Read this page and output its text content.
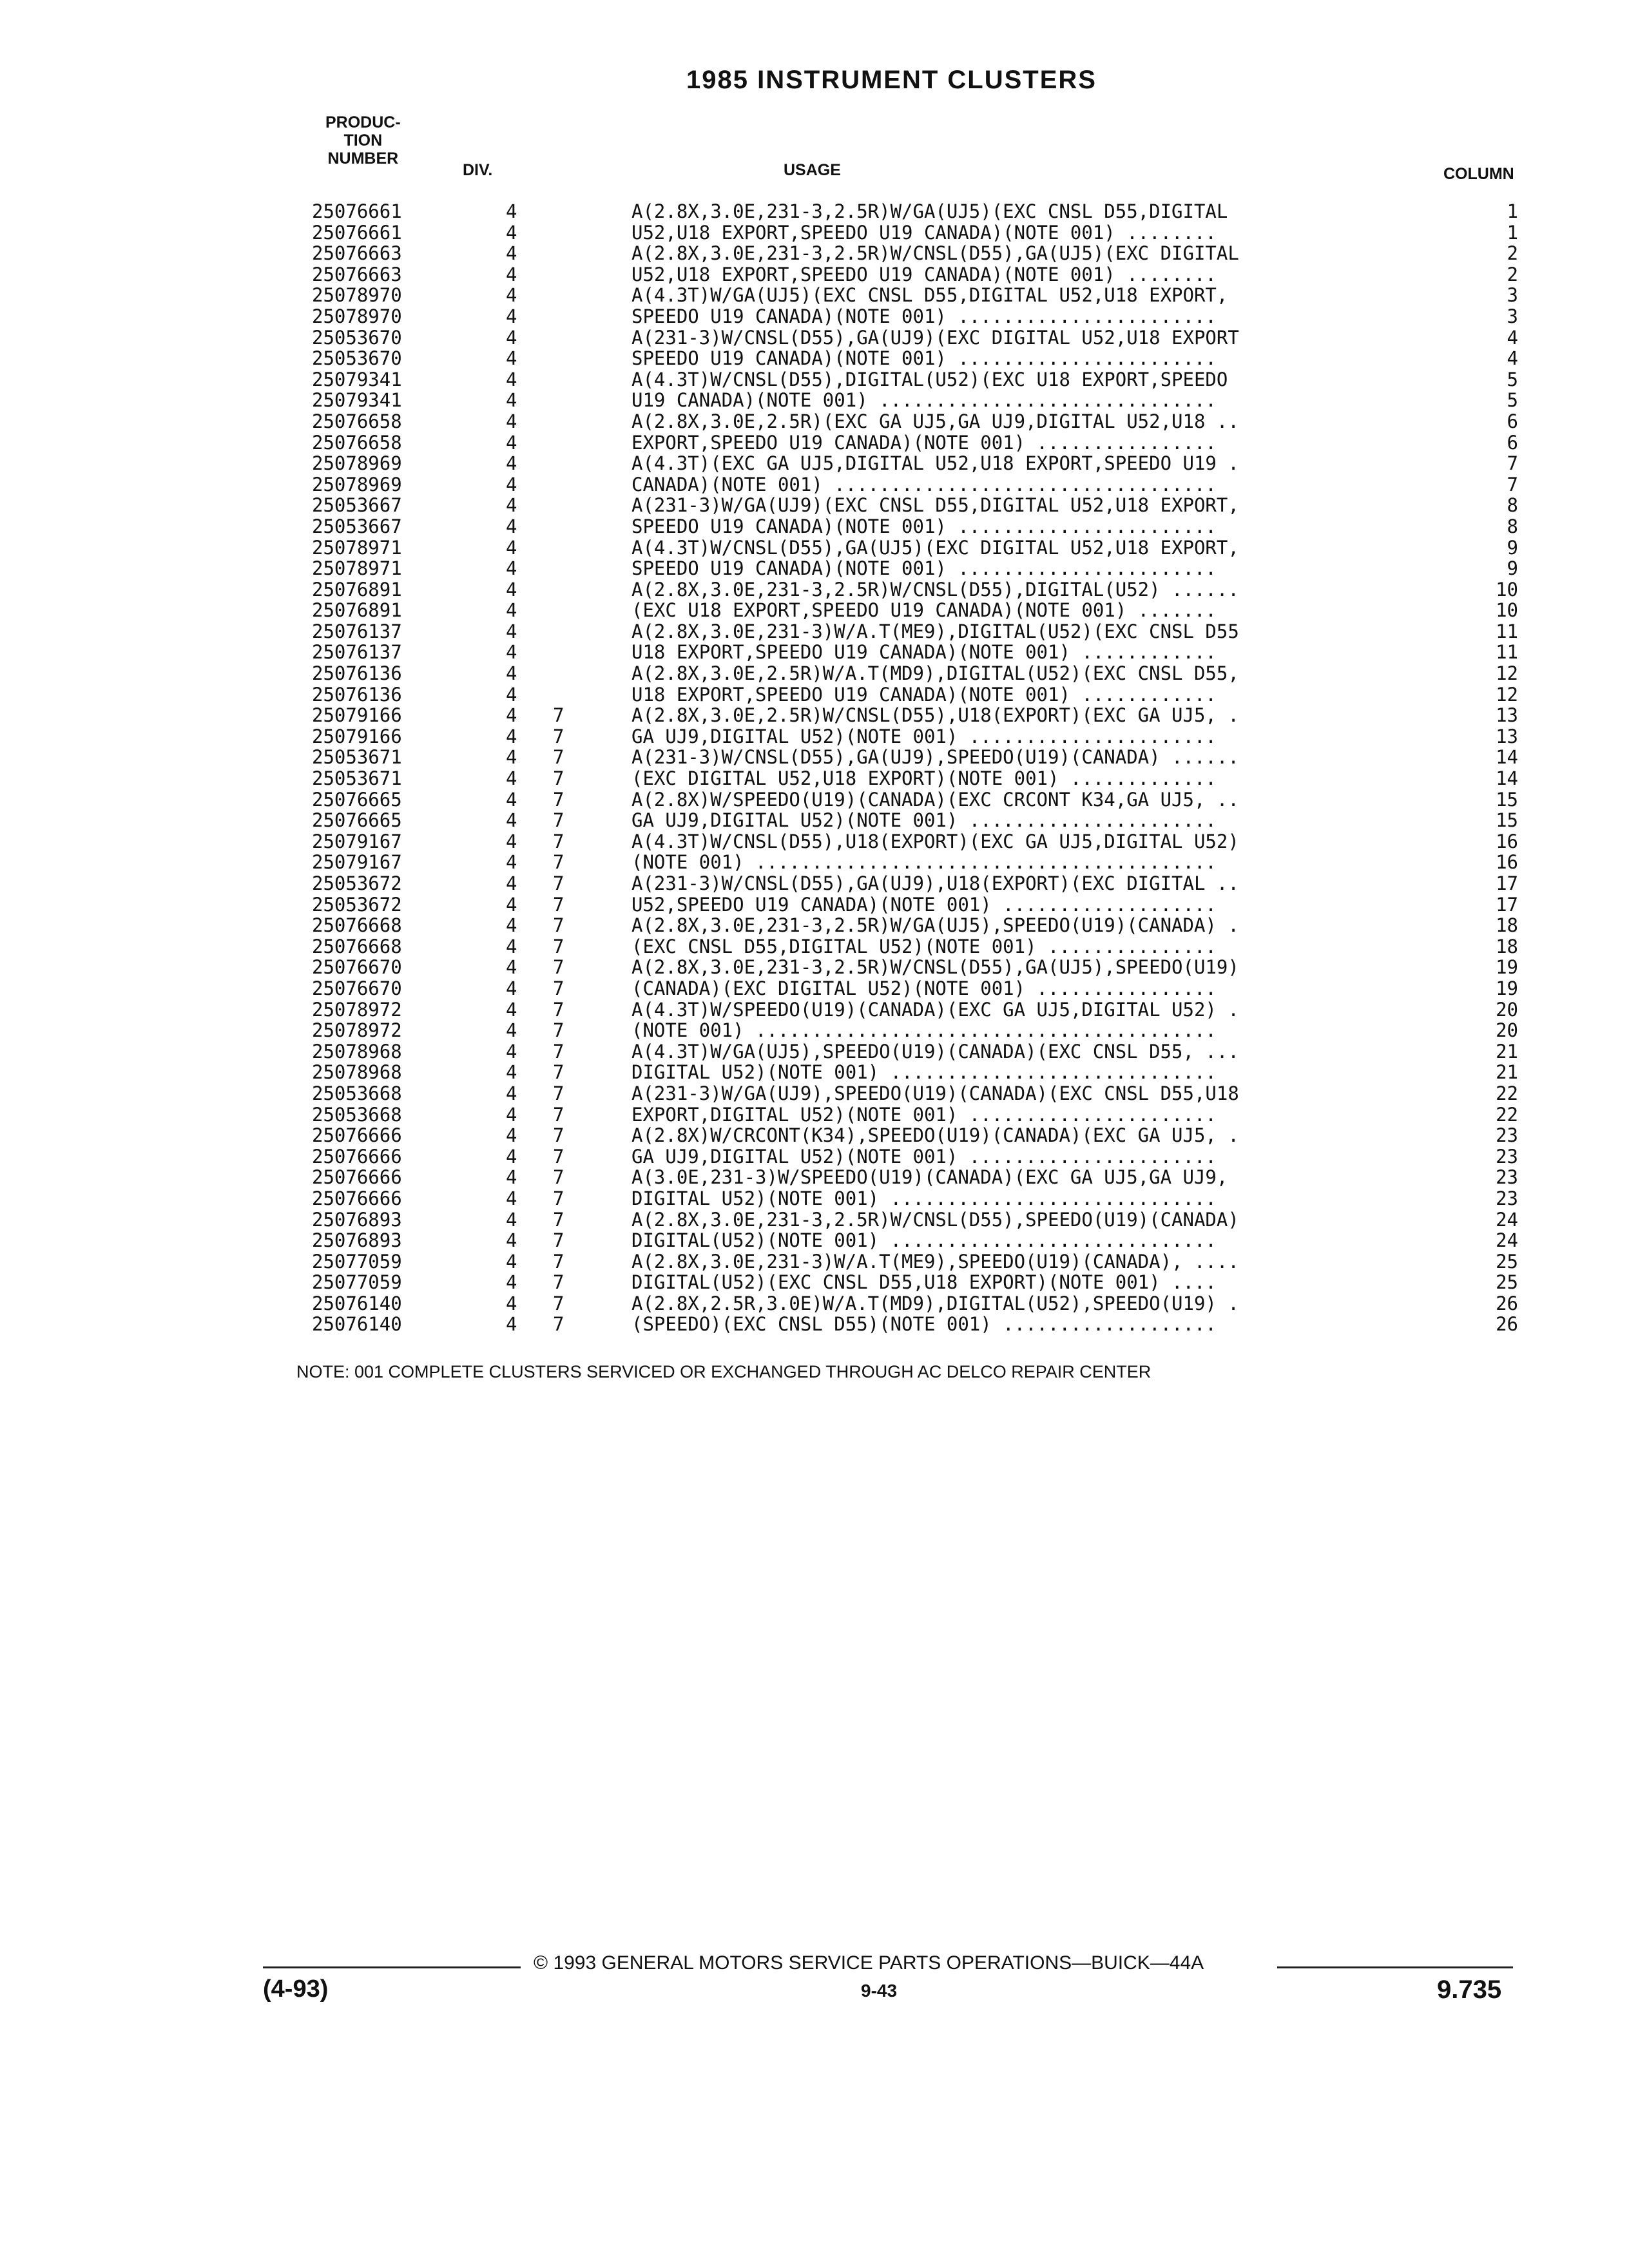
1985 INSTRUMENT CLUSTERS
PRODUC-
TION
NUMBER
DIV.	USAGE	COLUMN
25076661	4	A(2.8X,3.0E,231-3,2.5R)W/GA(UJ5)(EXC CNSL D55,DIGITAL	1
25076661	4	U52,U18 EXPORT,SPEEDO U19 CANADA)(NOTE 001) ........	1
25076663	4	A(2.8X,3.0E,231-3,2.5R)W/CNSL(D55),GA(UJ5)(EXC DIGITAL	2
25076663	4	U52,U18 EXPORT,SPEEDO U19 CANADA)(NOTE 001) ........	2
25078970	4	A(4.3T)W/GA(UJ5)(EXC CNSL D55,DIGITAL U52,U18 EXPORT,	3
25078970	4	SPEEDO U19 CANADA)(NOTE 001) .......................	3
25053670	4	A(231-3)W/CNSL(D55),GA(UJ9)(EXC DIGITAL U52,U18 EXPORT	4
25053670	4	SPEEDO U19 CANADA)(NOTE 001) .......................	4
25079341	4	A(4.3T)W/CNSL(D55),DIGITAL(U52)(EXC U18 EXPORT,SPEEDO	5
25079341	4	U19 CANADA)(NOTE 001) ..............................	5
25076658	4	A(2.8X,3.0E,2.5R)(EXC GA UJ5,GA UJ9,DIGITAL U52,U18 ..	6
25076658	4	EXPORT,SPEEDO U19 CANADA)(NOTE 001) ................	6
25078969	4	A(4.3T)(EXC GA UJ5,DIGITAL U52,U18 EXPORT,SPEEDO U19 .	7
25078969	4	CANADA)(NOTE 001) ..................................	7
25053667	4	A(231-3)W/GA(UJ9)(EXC CNSL D55,DIGITAL U52,U18 EXPORT,	8
25053667	4	SPEEDO U19 CANADA)(NOTE 001) .......................	8
25078971	4	A(4.3T)W/CNSL(D55),GA(UJ5)(EXC DIGITAL U52,U18 EXPORT,	9
25078971	4	SPEEDO U19 CANADA)(NOTE 001) .......................	9
25076891	4	A(2.8X,3.0E,231-3,2.5R)W/CNSL(D55),DIGITAL(U52) ......	10
25076891	4	(EXC U18 EXPORT,SPEEDO U19 CANADA)(NOTE 001) .......	10
25076137	4	A(2.8X,3.0E,231-3)W/A.T(ME9),DIGITAL(U52)(EXC CNSL D55	11
25076137	4	U18 EXPORT,SPEEDO U19 CANADA)(NOTE 001) ............	11
25076136	4	A(2.8X,3.0E,2.5R)W/A.T(MD9),DIGITAL(U52)(EXC CNSL D55,	12
25076136	4	U18 EXPORT,SPEEDO U19 CANADA)(NOTE 001) ............	12
25079166	4 7	A(2.8X,3.0E,2.5R)W/CNSL(D55),U18(EXPORT)(EXC GA UJ5, .	13
25079166	4 7	GA UJ9,DIGITAL U52)(NOTE 001) ......................	13
25053671	4 7	A(231-3)W/CNSL(D55),GA(UJ9),SPEEDO(U19)(CANADA) ......	14
25053671	4 7	(EXC DIGITAL U52,U18 EXPORT)(NOTE 001) .............	14
25076665	4 7	A(2.8X)W/SPEEDO(U19)(CANADA)(EXC CRCONT K34,GA UJ5, ..	15
25076665	4 7	GA UJ9,DIGITAL U52)(NOTE 001) ......................	15
25079167	4 7	A(4.3T)W/CNSL(D55),U18(EXPORT)(EXC GA UJ5,DIGITAL U52)	16
25079167	4 7	(NOTE 001) .........................................	16
25053672	4 7	A(231-3)W/CNSL(D55),GA(UJ9),U18(EXPORT)(EXC DIGITAL ..	17
25053672	4 7	U52,SPEEDO U19 CANADA)(NOTE 001) ...................	17
25076668	4 7	A(2.8X,3.0E,231-3,2.5R)W/GA(UJ5),SPEEDO(U19)(CANADA) .	18
25076668	4 7	(EXC CNSL D55,DIGITAL U52)(NOTE 001) ...............	18
25076670	4 7	A(2.8X,3.0E,231-3,2.5R)W/CNSL(D55),GA(UJ5),SPEEDO(U19)	19
25076670	4 7	(CANADA)(EXC DIGITAL U52)(NOTE 001) ................	19
25078972	4 7	A(4.3T)W/SPEEDO(U19)(CANADA)(EXC GA UJ5,DIGITAL U52) .	20
25078972	4 7	(NOTE 001) .........................................	20
25078968	4 7	A(4.3T)W/GA(UJ5),SPEEDO(U19)(CANADA)(EXC CNSL D55, ...	21
25078968	4 7	DIGITAL U52)(NOTE 001) .............................	21
25053668	4 7	A(231-3)W/GA(UJ9),SPEEDO(U19)(CANADA)(EXC CNSL D55,U18	22
25053668	4 7	EXPORT,DIGITAL U52)(NOTE 001) ......................	22
25076666	4 7	A(2.8X)W/CRCONT(K34),SPEEDO(U19)(CANADA)(EXC GA UJ5, .	23
25076666	4 7	GA UJ9,DIGITAL U52)(NOTE 001) ......................	23
25076666	4 7	A(3.0E,231-3)W/SPEEDO(U19)(CANADA)(EXC GA UJ5,GA UJ9,	23
25076666	4 7	DIGITAL U52)(NOTE 001) .............................	23
25076893	4 7	A(2.8X,3.0E,231-3,2.5R)W/CNSL(D55),SPEEDO(U19)(CANADA)	24
25076893	4 7	DIGITAL(U52)(NOTE 001) .............................	24
25077059	4 7	A(2.8X,3.0E,231-3)W/A.T(ME9),SPEEDO(U19)(CANADA), ....	25
25077059	4 7	DIGITAL(U52)(EXC CNSL D55,U18 EXPORT)(NOTE 001) ....	25
25076140	4 7	A(2.8X,2.5R,3.0E)W/A.T(MD9),DIGITAL(U52),SPEEDO(U19) .	26
25076140	4 7	(SPEEDO)(EXC CNSL D55)(NOTE 001) ...................	26
NOTE: 001 COMPLETE CLUSTERS SERVICED OR EXCHANGED THROUGH AC DELCO REPAIR CENTER
© 1993 GENERAL MOTORS SERVICE PARTS OPERATIONS—BUICK—44A
9-43
(4-93)	9.735
